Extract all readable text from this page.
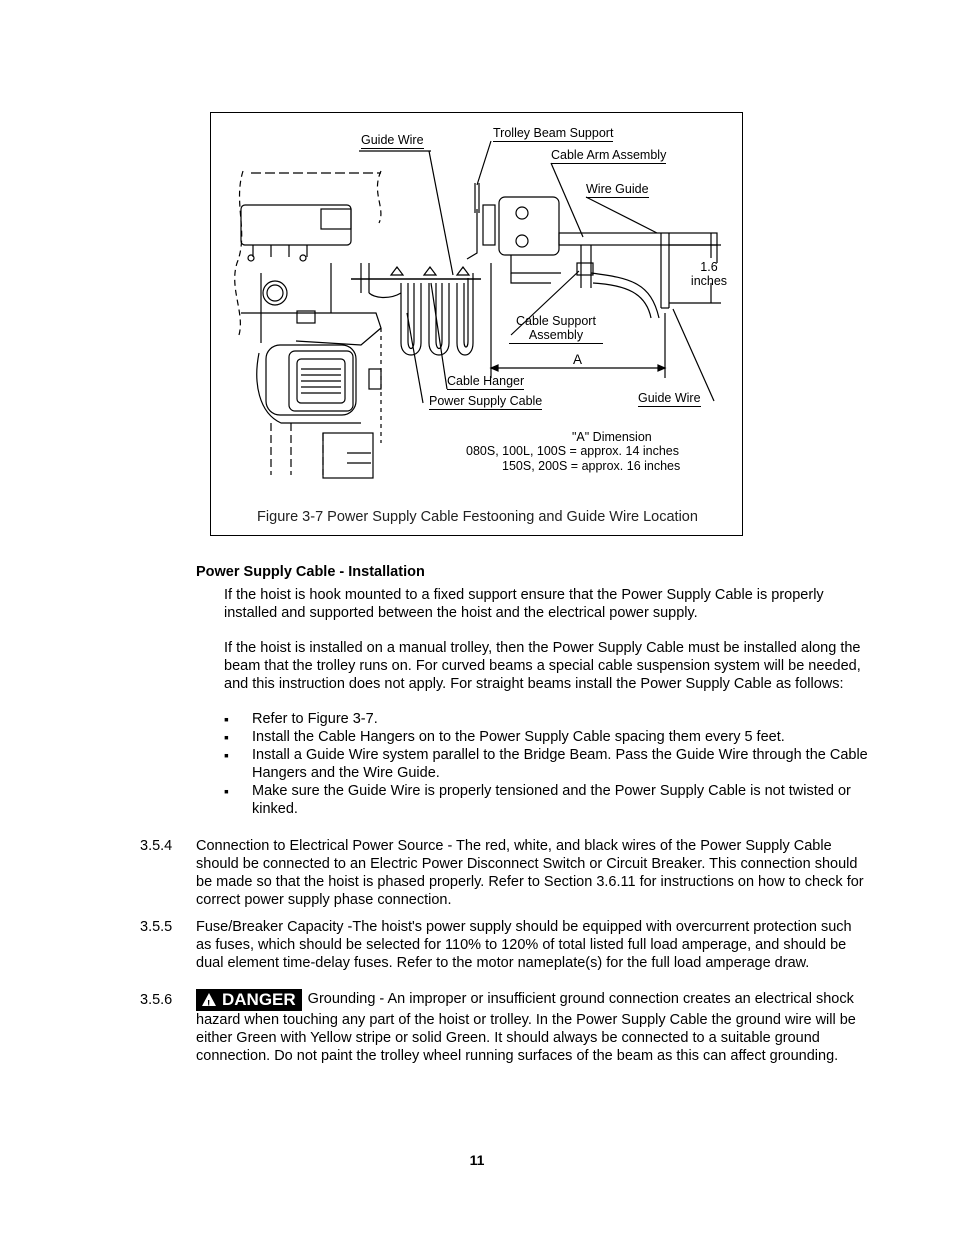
Guide Wire	Trolley Beam Support
Cable Arm Assembly
Wire Guide
1.6
inches
Cable Support
Assembly
A
Cable Hanger
Power Supply Cable	Guide Wire
"A" Dimension
080S, 100L, 100S = approx. 14 inches
150S, 200S = approx. 16 inches
Figure 3-7 Power Supply Cable Festooning and Guide Wire Location
Power Supply Cable - Installation

If the hoist is hook mounted to a fixed support ensure that the Power Supply Cable is properly installed and supported between the hoist and the electrical power supply.

If the hoist is installed on a manual trolley, then the Power Supply Cable must be installed along the beam that the trolley runs on. For curved beams a special cable suspension system will be needed, and this instruction does not apply. For straight beams install the Power Supply Cable as follows:

▪ Refer to Figure 3-7.
▪ Install the Cable Hangers on to the Power Supply Cable spacing them every 5 feet.
▪ Install a Guide Wire system parallel to the Bridge Beam. Pass the Guide Wire through the Cable Hangers and the Wire Guide.
▪ Make sure the Guide Wire is properly tensioned and the Power Supply Cable is not twisted or kinked.
3.5.4 Connection to Electrical Power Source - The red, white, and black wires of the Power Supply Cable should be connected to an Electric Power Disconnect Switch or Circuit Breaker. This connection should be made so that the hoist is phased properly. Refer to Section 3.6.11 for instructions on how to check for correct power supply phase connection.

3.5.5 Fuse/Breaker Capacity -The hoist's power supply should be equipped with overcurrent protection such as fuses, which should be selected for 110% to 120% of total listed full load amperage, and should be dual element time-delay fuses. Refer to the motor nameplate(s) for the full load amperage draw.

3.5.6

!	DANGER Grounding - An improper or insufficient ground connection creates an electrical shock hazard when touching any part of the hoist or trolley. In the Power Supply Cable the ground wire will be either Green with Yellow stripe or solid Green. It should always be connected to a suitable ground connection. Do not paint the trolley wheel running surfaces of the beam as this can affect grounding.

11
